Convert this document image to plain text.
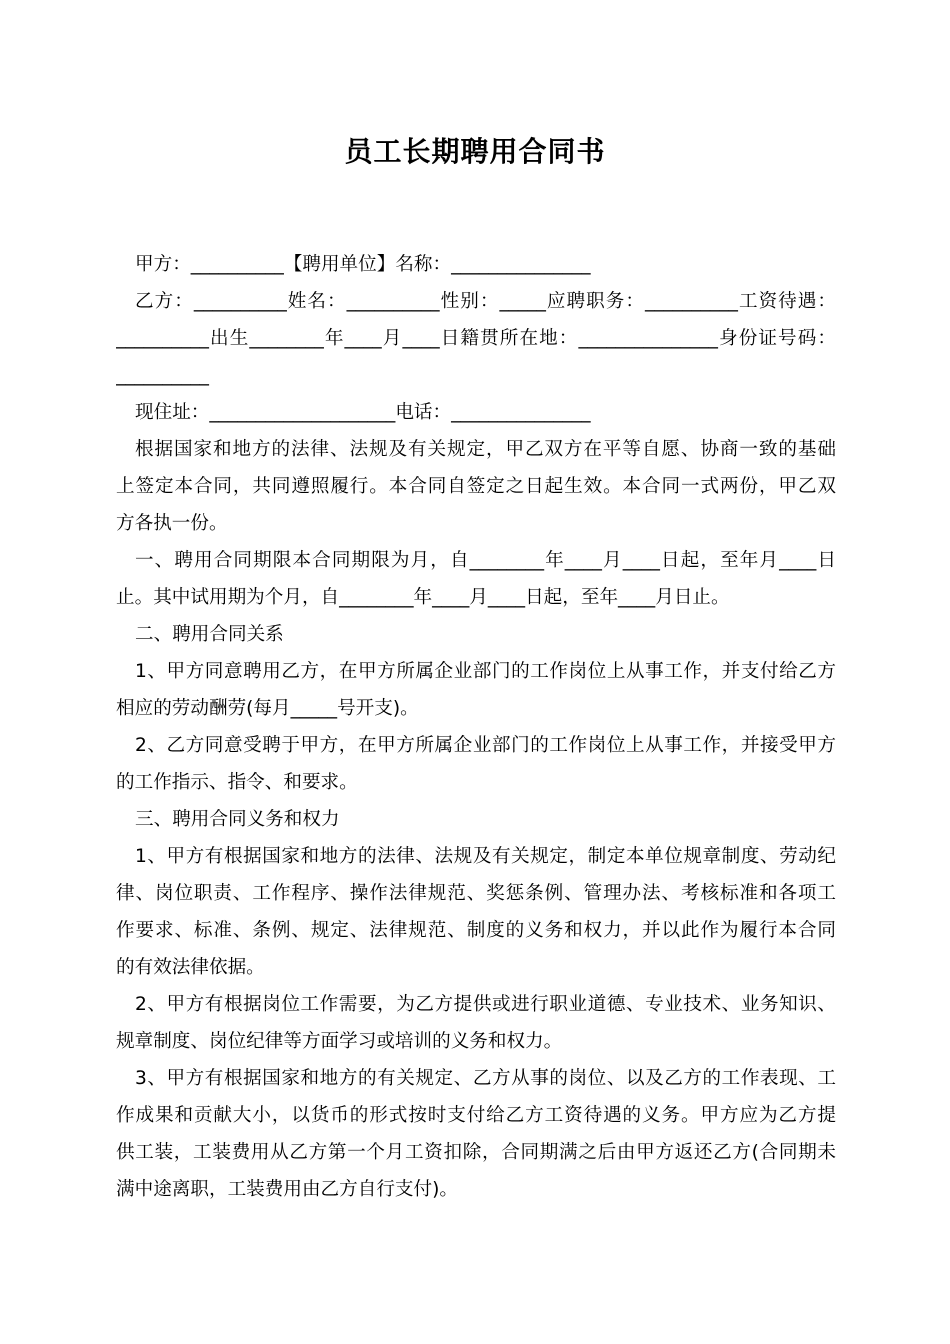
员工长期聘用合同书

甲方：__________【聘用单位】名称：_______________

乙方：__________姓名：__________性别：_____应聘职务：__________工资待遇：

__________出生________年____月____日籍贯所在地：_______________身份证号码：

__________

现住址：____________________电话：_______________

根据国家和地方的法律、法规及有关规定，甲乙双方在平等自愿、协商一致的基础

上签定本合同，共同遵照履行。本合同自签定之日起生效。本合同一式两份，甲乙双

方各执一份。

一、聘用合同期限本合同期限为月，自________年____月____日起，至年月____日

止。其中试用期为个月，自________年____月____日起，至年____月日止。

二、聘用合同关系

1、甲方同意聘用乙方，在甲方所属企业部门的工作岗位上从事工作，并支付给乙方

相应的劳动酬劳(每月_____号开支)。

2、乙方同意受聘于甲方，在甲方所属企业部门的工作岗位上从事工作，并接受甲方

的工作指示、指令、和要求。

三、聘用合同义务和权力

1、甲方有根据国家和地方的法律、法规及有关规定，制定本单位规章制度、劳动纪

律、岗位职责、工作程序、操作法律规范、奖惩条例、管理办法、考核标准和各项工

作要求、标准、条例、规定、法律规范、制度的义务和权力，并以此作为履行本合同

的有效法律依据。

2、甲方有根据岗位工作需要，为乙方提供或进行职业道德、专业技术、业务知识、

规章制度、岗位纪律等方面学习或培训的义务和权力。

3、甲方有根据国家和地方的有关规定、乙方从事的岗位、以及乙方的工作表现、工

作成果和贡献大小，以货币的形式按时支付给乙方工资待遇的义务。甲方应为乙方提

供工装，工装费用从乙方第一个月工资扣除，合同期满之后由甲方返还乙方(合同期未

满中途离职，工装费用由乙方自行支付)。
